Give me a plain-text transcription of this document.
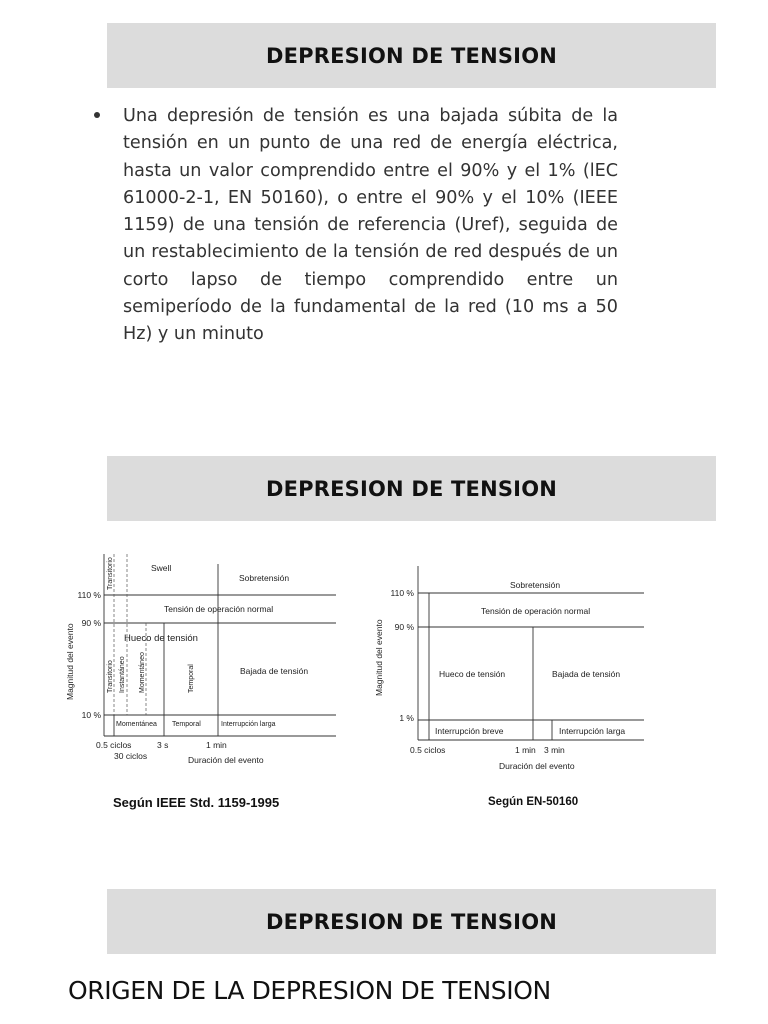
DEPRESION DE TENSION
Una depresión de tensión es una bajada súbita de la tensión en un punto de una red de energía eléctrica, hasta un valor comprendido entre el 90% y el 1% (lEC 61000-2-1, EN 50160), o entre el 90% y el 10% (IEEE 1159) de una tensión de referencia (Uref), seguida de un restablecimiento de la tensión de red después de un corto lapso de tiempo comprendido entre un semiperíodo de la fundamental de la red (10 ms a 50 Hz) y un minuto
DEPRESION DE TENSION
110 %
90 %
10 %
0.5 ciclos
30 ciclos
3 s	1 min
Duración del evento
Swell
Sobretensión
Tensión de operación normal
Bajada de tensión
Hueco de tensión
Momentánea Temporal	Interrupción larga
Transitorio
Transitorio Instantáneo Momentáneo	Temporal
Magnitud del evento
Según IEEE Std. 1159-1995
110 %
90 %
1 %
0.5 ciclos	1 min 3 min
Duración del evento
Sobretensión
Tensión de operación normal
Hueco de tensión	Bajada de tensión
Interrupción breve	Interrupción larga
Magnitud del evento
Según EN-50160
DEPRESION DE TENSION
ORIGEN DE LA DEPRESION DE TENSION
